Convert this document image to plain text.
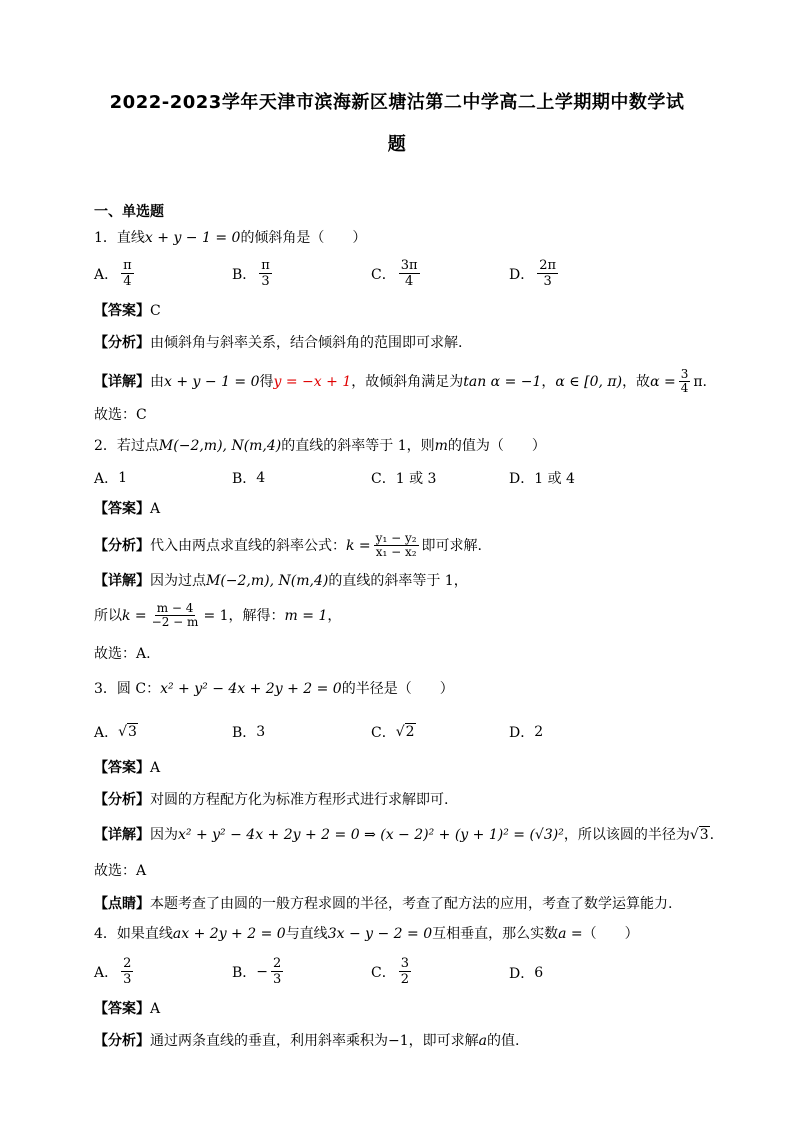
2022-2023学年天津市滨海新区塘沽第二中学高二上学期期中数学试
题
一、单选题
1．直线x + y − 1 = 0的倾斜角是（　　）
A． $\frac{\pi}{4}$	B． $\frac{\pi}{3}$	C． $\frac{3\pi}{4}$	D． $\frac{2\pi}{3}$
【答案】C
【分析】由倾斜角与斜率关系，结合倾斜角的范围即可求解.
【详解】 由 x + y − 1 = 0 得 y = −x + 1 ，故倾斜角满足为 tan α = −1 ， α ∈ [0, π) ，故 $\alpha = \frac{3}{4} \pi$.
故选：C
2．若过点M(−2,m), N(m,4)的直线的斜率等于 1，则m的值为（　　）
A． 1	B． 4	C． 1 或 3	D． 1 或 4
【答案】A
【分析】 代入由两点求直线的斜率公式： $k = \frac{\text{y₁ − y₂}}{\text{x₁ − x₂}}$ 即可求解.
【详解】因为过点M(−2,m), N(m,4)的直线的斜率等于 1，
所以 $k = \frac{m - 4}{-2 - m} = 1$，解得： m = 1 ，
故选：A.
3．圆 C：x² + y² − 4x + 2y + 2 = 0的半径是（　　）
A． √3	B． 3	C． √2	D． 2
【答案】A
【分析】对圆的方程配方化为标准方程形式进行求解即可.
【详解】因为x² + y² − 4x + 2y + 2 = 0 ⇒ (x − 2)² + (y + 1)² = (√3)²，所以该圆的半径为√3.
故选：A
【点睛】本题考查了由圆的一般方程求圆的半径，考查了配方法的应用，考查了数学运算能力.
4．如果直线ax + 2y + 2 = 0与直线3x − y − 2 = 0互相垂直，那么实数a =（　　）
A． $\frac{2}{3}$	B． − $\frac{2}{3}$	C． $\frac{3}{2}$	D． 6
【答案】A
【分析】通过两条直线的垂直，利用斜率乘积为−1，即可求解a的值.
